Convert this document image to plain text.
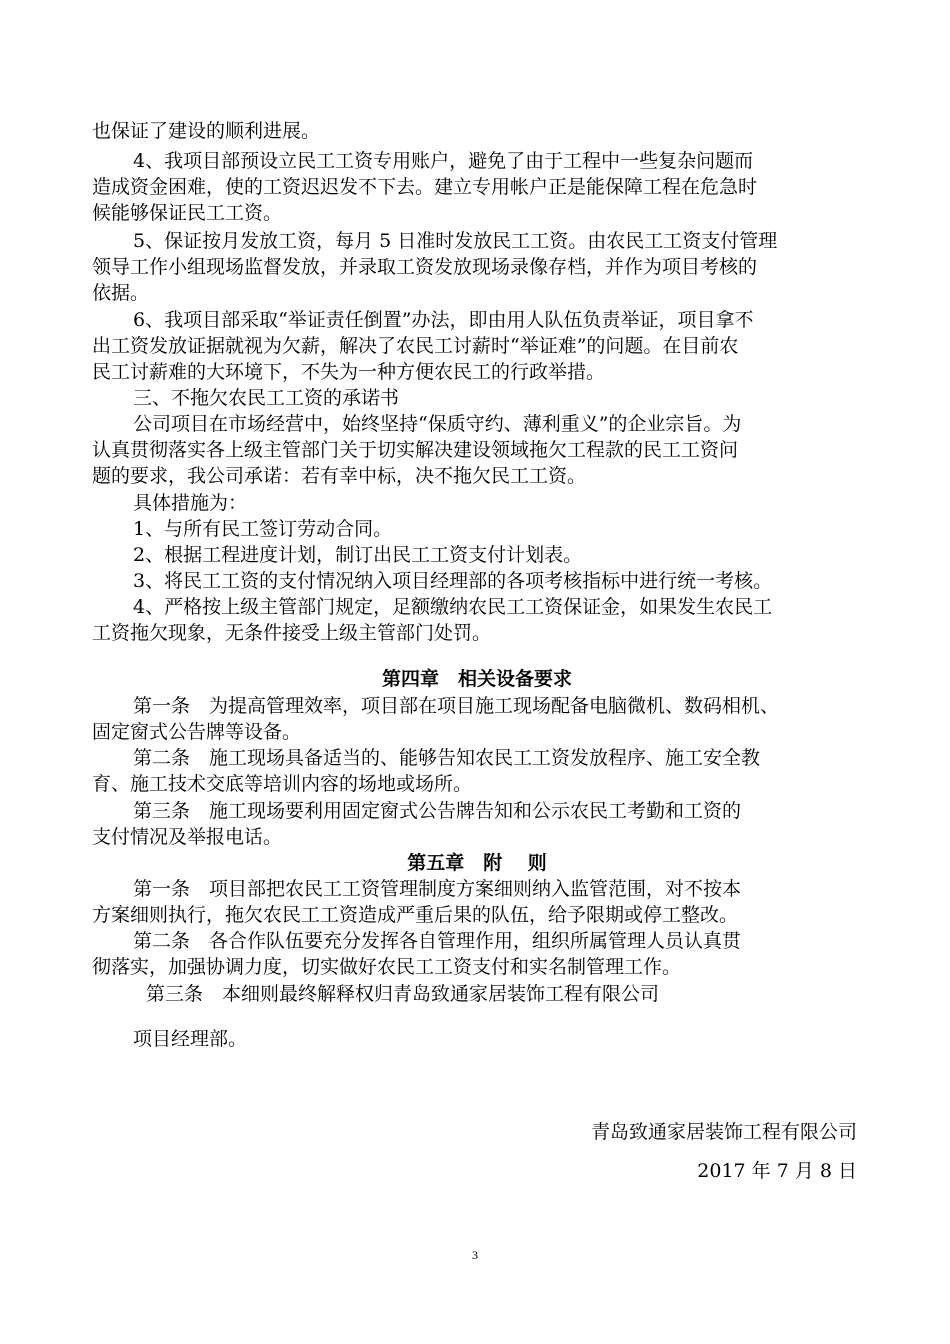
也保证了建设的顺利进展。
4、我项目部预设立民工工资专用账户，避免了由于工程中一些复杂问题而
造成资金困难，使的工资迟迟发不下去。建立专用帐户正是能保障工程在危急时
候能够保证民工工资。
5、保证按月发放工资，每月 5 日准时发放民工工资。由农民工工资支付管理
领导工作小组现场监督发放，并录取工资发放现场录像存档，并作为项目考核的
依据。
6、我项目部采取“举证责任倒置”办法，即由用人队伍负责举证，项目拿不
出工资发放证据就视为欠薪，解决了农民工讨薪时“举证难”的问题。在目前农
民工讨薪难的大环境下，不失为一种方便农民工的行政举措。
三、不拖欠农民工工资的承诺书
公司项目在市场经营中，始终坚持“保质守约、薄利重义”的企业宗旨。为
认真贯彻落实各上级主管部门关于切实解决建设领域拖欠工程款的民工工资问
题的要求，我公司承诺：若有幸中标，决不拖欠民工工资。
具体措施为：
1、与所有民工签订劳动合同。
2、根据工程进度计划，制订出民工工资支付计划表。
3、将民工工资的支付情况纳入项目经理部的各项考核指标中进行统一考核。
4、严格按上级主管部门规定，足额缴纳农民工工资保证金，如果发生农民工
工资拖欠现象，无条件接受上级主管部门处罚。
第四章　相关设备要求
第一条　为提高管理效率，项目部在项目施工现场配备电脑微机、数码相机、
固定窗式公告牌等设备。
第二条　施工现场具备适当的、能够告知农民工工资发放程序、施工安全教
育、施工技术交底等培训内容的场地或场所。
第三条　施工现场要利用固定窗式公告牌告知和公示农民工考勤和工资的
支付情况及举报电话。
第五章　附　 则
第一条　项目部把农民工工资管理制度方案细则纳入监管范围，对不按本
方案细则执行，拖欠农民工工资造成严重后果的队伍，给予限期或停工整改。
第二条　各合作队伍要充分发挥各自管理作用，组织所属管理人员认真贯
彻落实，加强协调力度，切实做好农民工工资支付和实名制管理工作。
第三条　本细则最终解释权归青岛致通家居装饰工程有限公司
项目经理部。
青岛致通家居装饰工程有限公司
2017 年 7 月 8 日
3
